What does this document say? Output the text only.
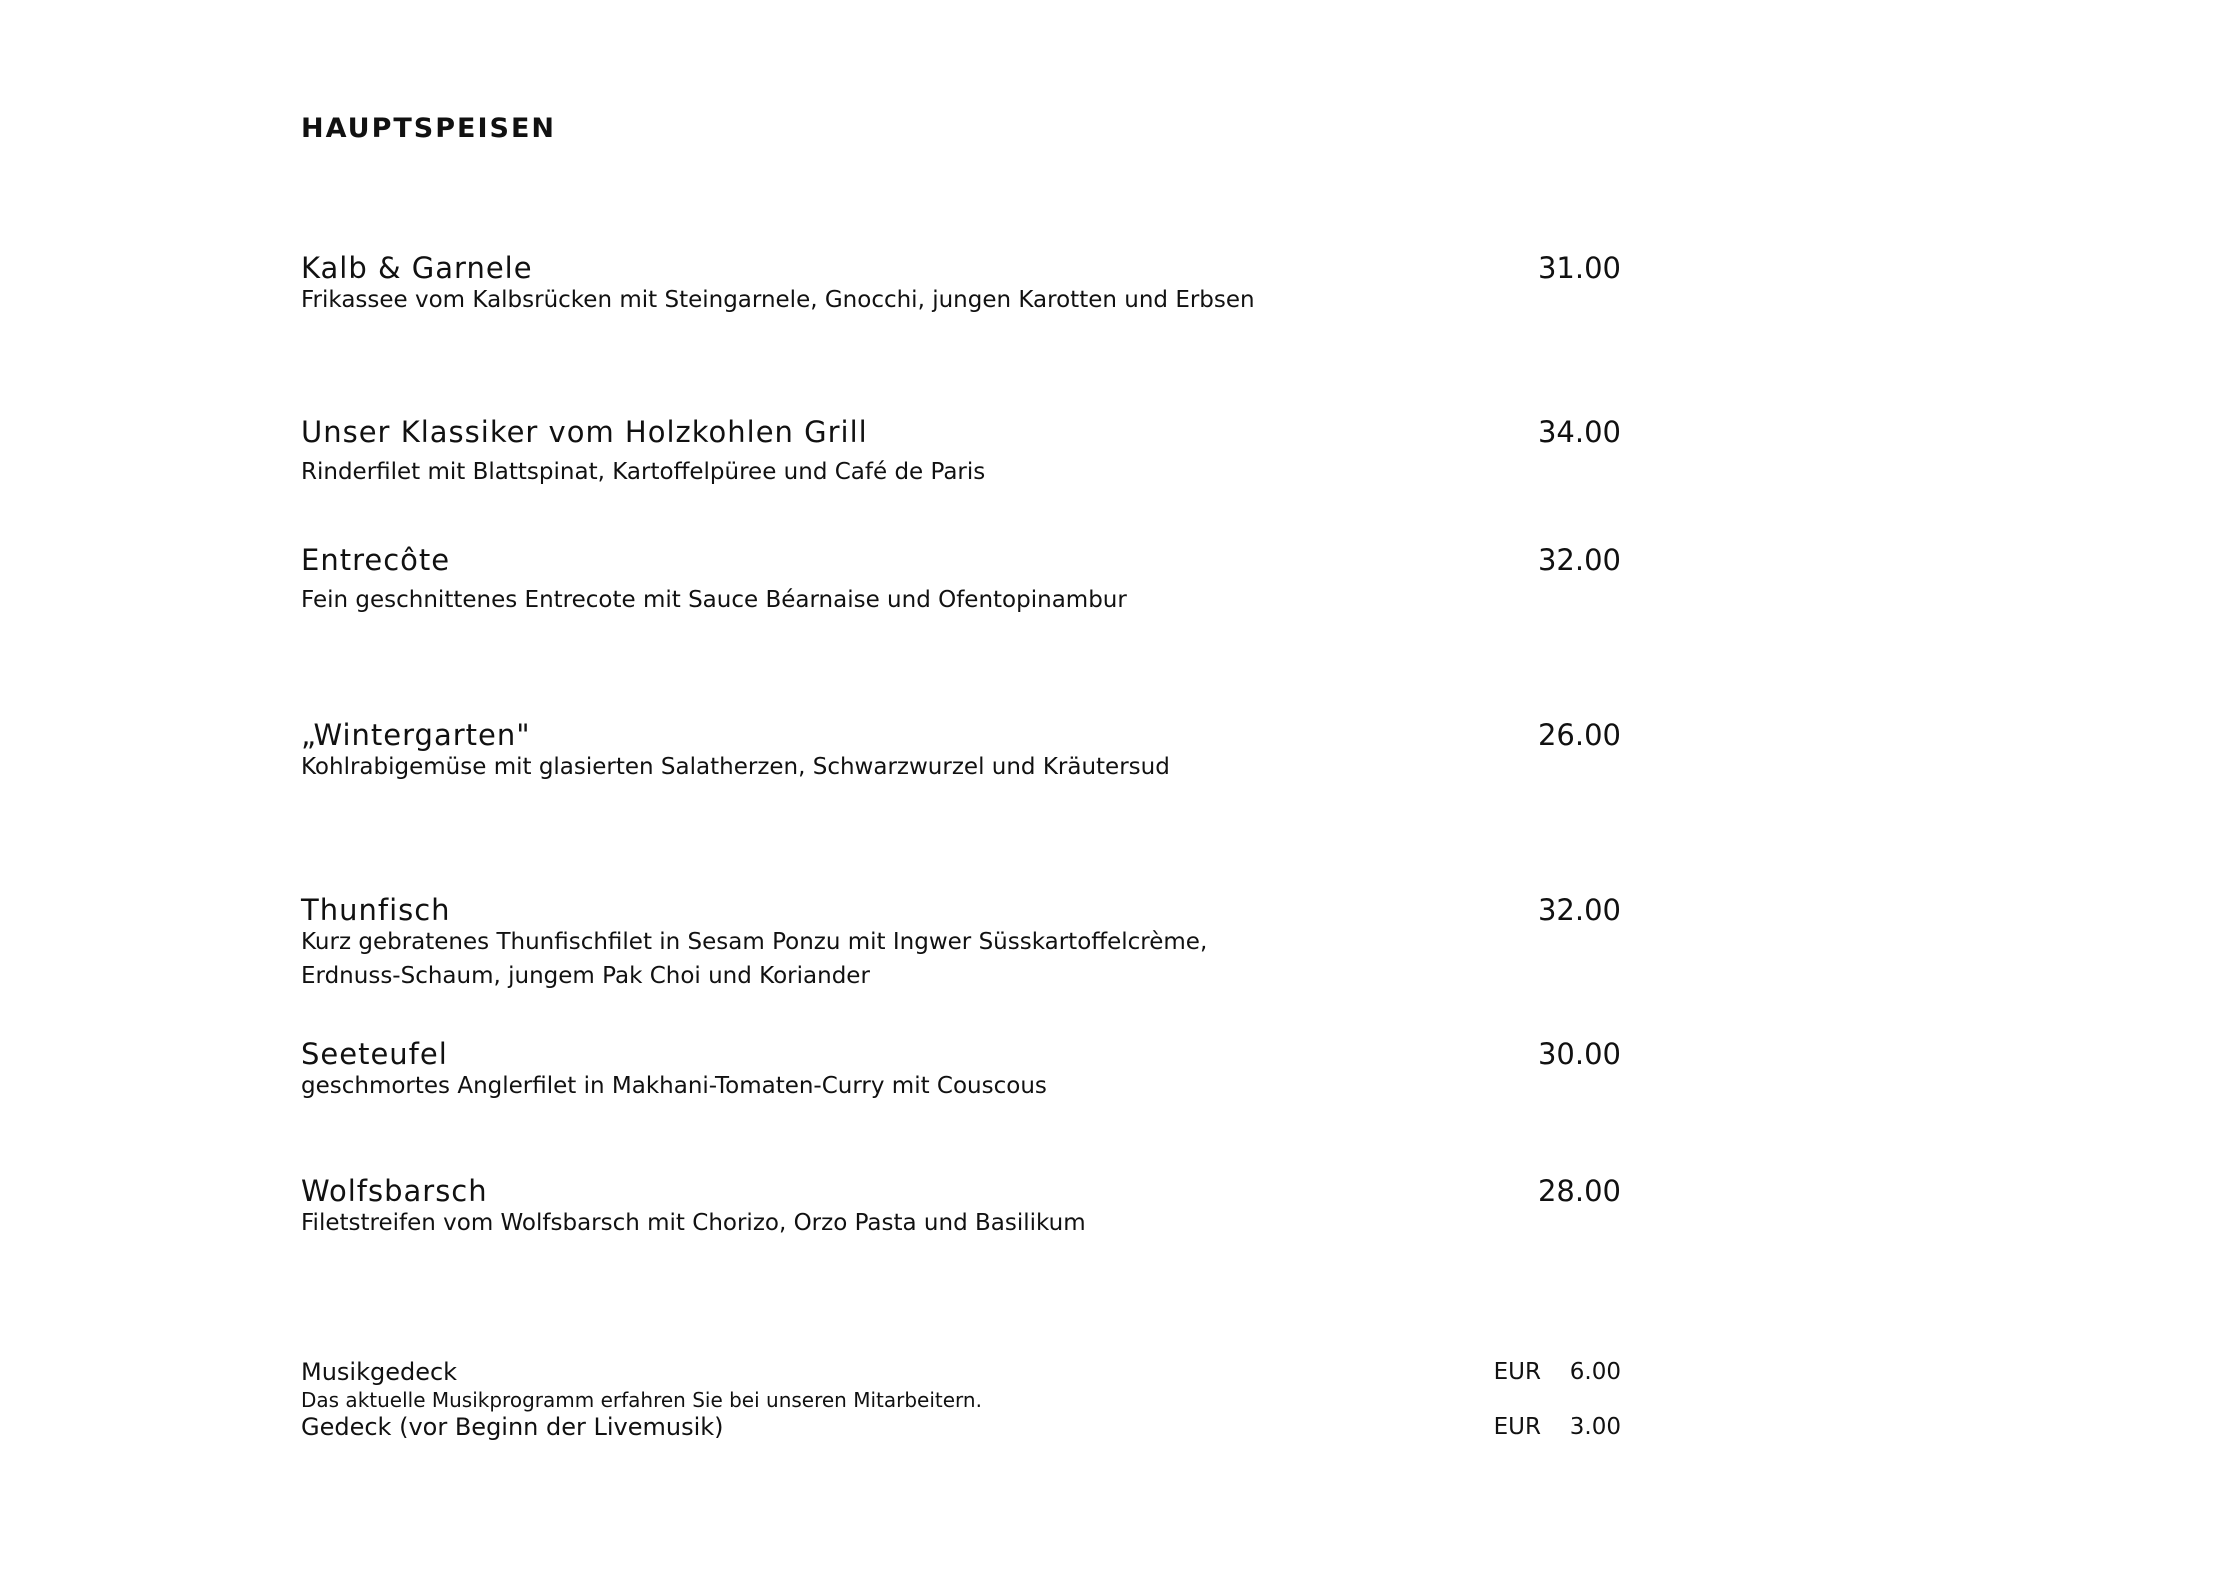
HAUPTSPEISEN
Kalb & Garnele	31.00
Frikassee vom Kalbsrücken mit Steingarnele, Gnocchi, jungen Karotten und Erbsen
Unser Klassiker vom Holzkohlen Grill	34.00
Rinderfilet mit Blattspinat, Kartoffelpüree und Café de Paris
Entrecôte	32.00
Fein geschnittenes Entrecote mit Sauce Béarnaise und Ofentopinambur
„Wintergarten"	26.00
Kohlrabigemüse mit glasierten Salatherzen, Schwarzwurzel und Kräutersud
Thunfisch	32.00
Kurz gebratenes Thunfischfilet in Sesam Ponzu mit Ingwer Süsskartoffelcrème,
Erdnuss-Schaum, jungem Pak Choi und Koriander
Seeteufel	30.00
geschmortes Anglerfilet in Makhani-Tomaten-Curry mit Couscous
Wolfsbarsch	28.00
Filetstreifen vom Wolfsbarsch mit Chorizo, Orzo Pasta und Basilikum
Musikgedeck	EUR 6.00
Das aktuelle Musikprogramm erfahren Sie bei unseren Mitarbeitern.
Gedeck (vor Beginn der Livemusik)	EUR 3.00
